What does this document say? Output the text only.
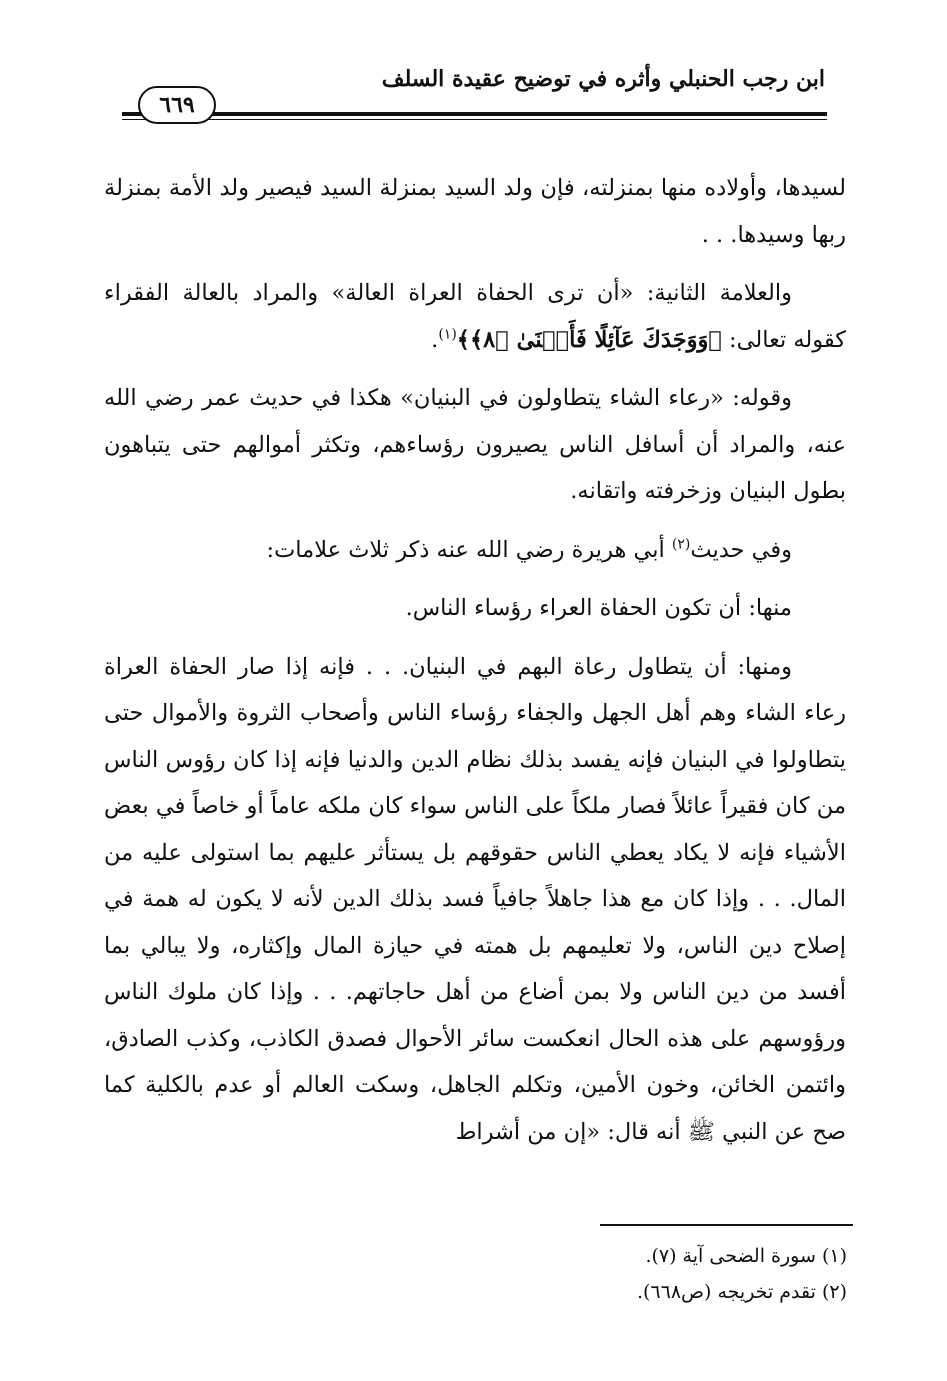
ابن رجب الحنبلي وأثره في توضيح عقيدة السلف
٦٦٩

لسيدها، وأولاده منها بمنزلته، فإن ولد السيد بمنزلة السيد فيصير ولد الأمة بمنزلة ربها وسيدها. . .

والعلامة الثانية: «أن ترى الحفاة العراة العالة» والمراد بالعالة الفقراء كقوله تعالى: ﴿وَوَجَدَكَ عَآئِلًا فَأَغۡنَىٰ ﴿٨﴾﴾$^{(١)}$.

وقوله: «رعاء الشاء يتطاولون في البنيان» هكذا في حديث عمر رضي الله عنه، والمراد أن أسافل الناس يصيرون رؤساءهم، وتكثر أموالهم حتى يتباهون بطول البنيان وزخرفته واتقانه.

وفي حديث$^{(٢)}$ أبي هريرة رضي الله عنه ذكر ثلاث علامات:

منها: أن تكون الحفاة العراء رؤساء الناس.

ومنها: أن يتطاول رعاة البهم في البنيان. . . فإنه إذا صار الحفاة العراة رعاء الشاء وهم أهل الجهل والجفاء رؤساء الناس وأصحاب الثروة والأموال حتى يتطاولوا في البنيان فإنه يفسد بذلك نظام الدين والدنيا فإنه إذا كان رؤوس الناس من كان فقيراً عائلاً فصار ملكاً على الناس سواء كان ملكه عاماً أو خاصاً في بعض الأشياء فإنه لا يكاد يعطي الناس حقوقهم بل يستأثر عليهم بما استولى عليه من المال. . . وإذا كان مع هذا جاهلاً جافياً فسد بذلك الدين لأنه لا يكون له همة في إصلاح دين الناس، ولا تعليمهم بل همته في حيازة المال وإكثاره، ولا يبالي بما أفسد من دين الناس ولا بمن أضاع من أهل حاجاتهم. . . وإذا كان ملوك الناس ورؤوسهم على هذه الحال انعكست سائر الأحوال فصدق الكاذب، وكذب الصادق، وائتمن الخائن، وخون الأمين، وتكلم الجاهل، وسكت العالم أو عدم بالكلية كما صح عن النبي ﷺ أنه قال: «إن من أشراط

(١) سورة الضحى آية (٧).
(٢) تقدم تخريجه (ص٦٦٨).
